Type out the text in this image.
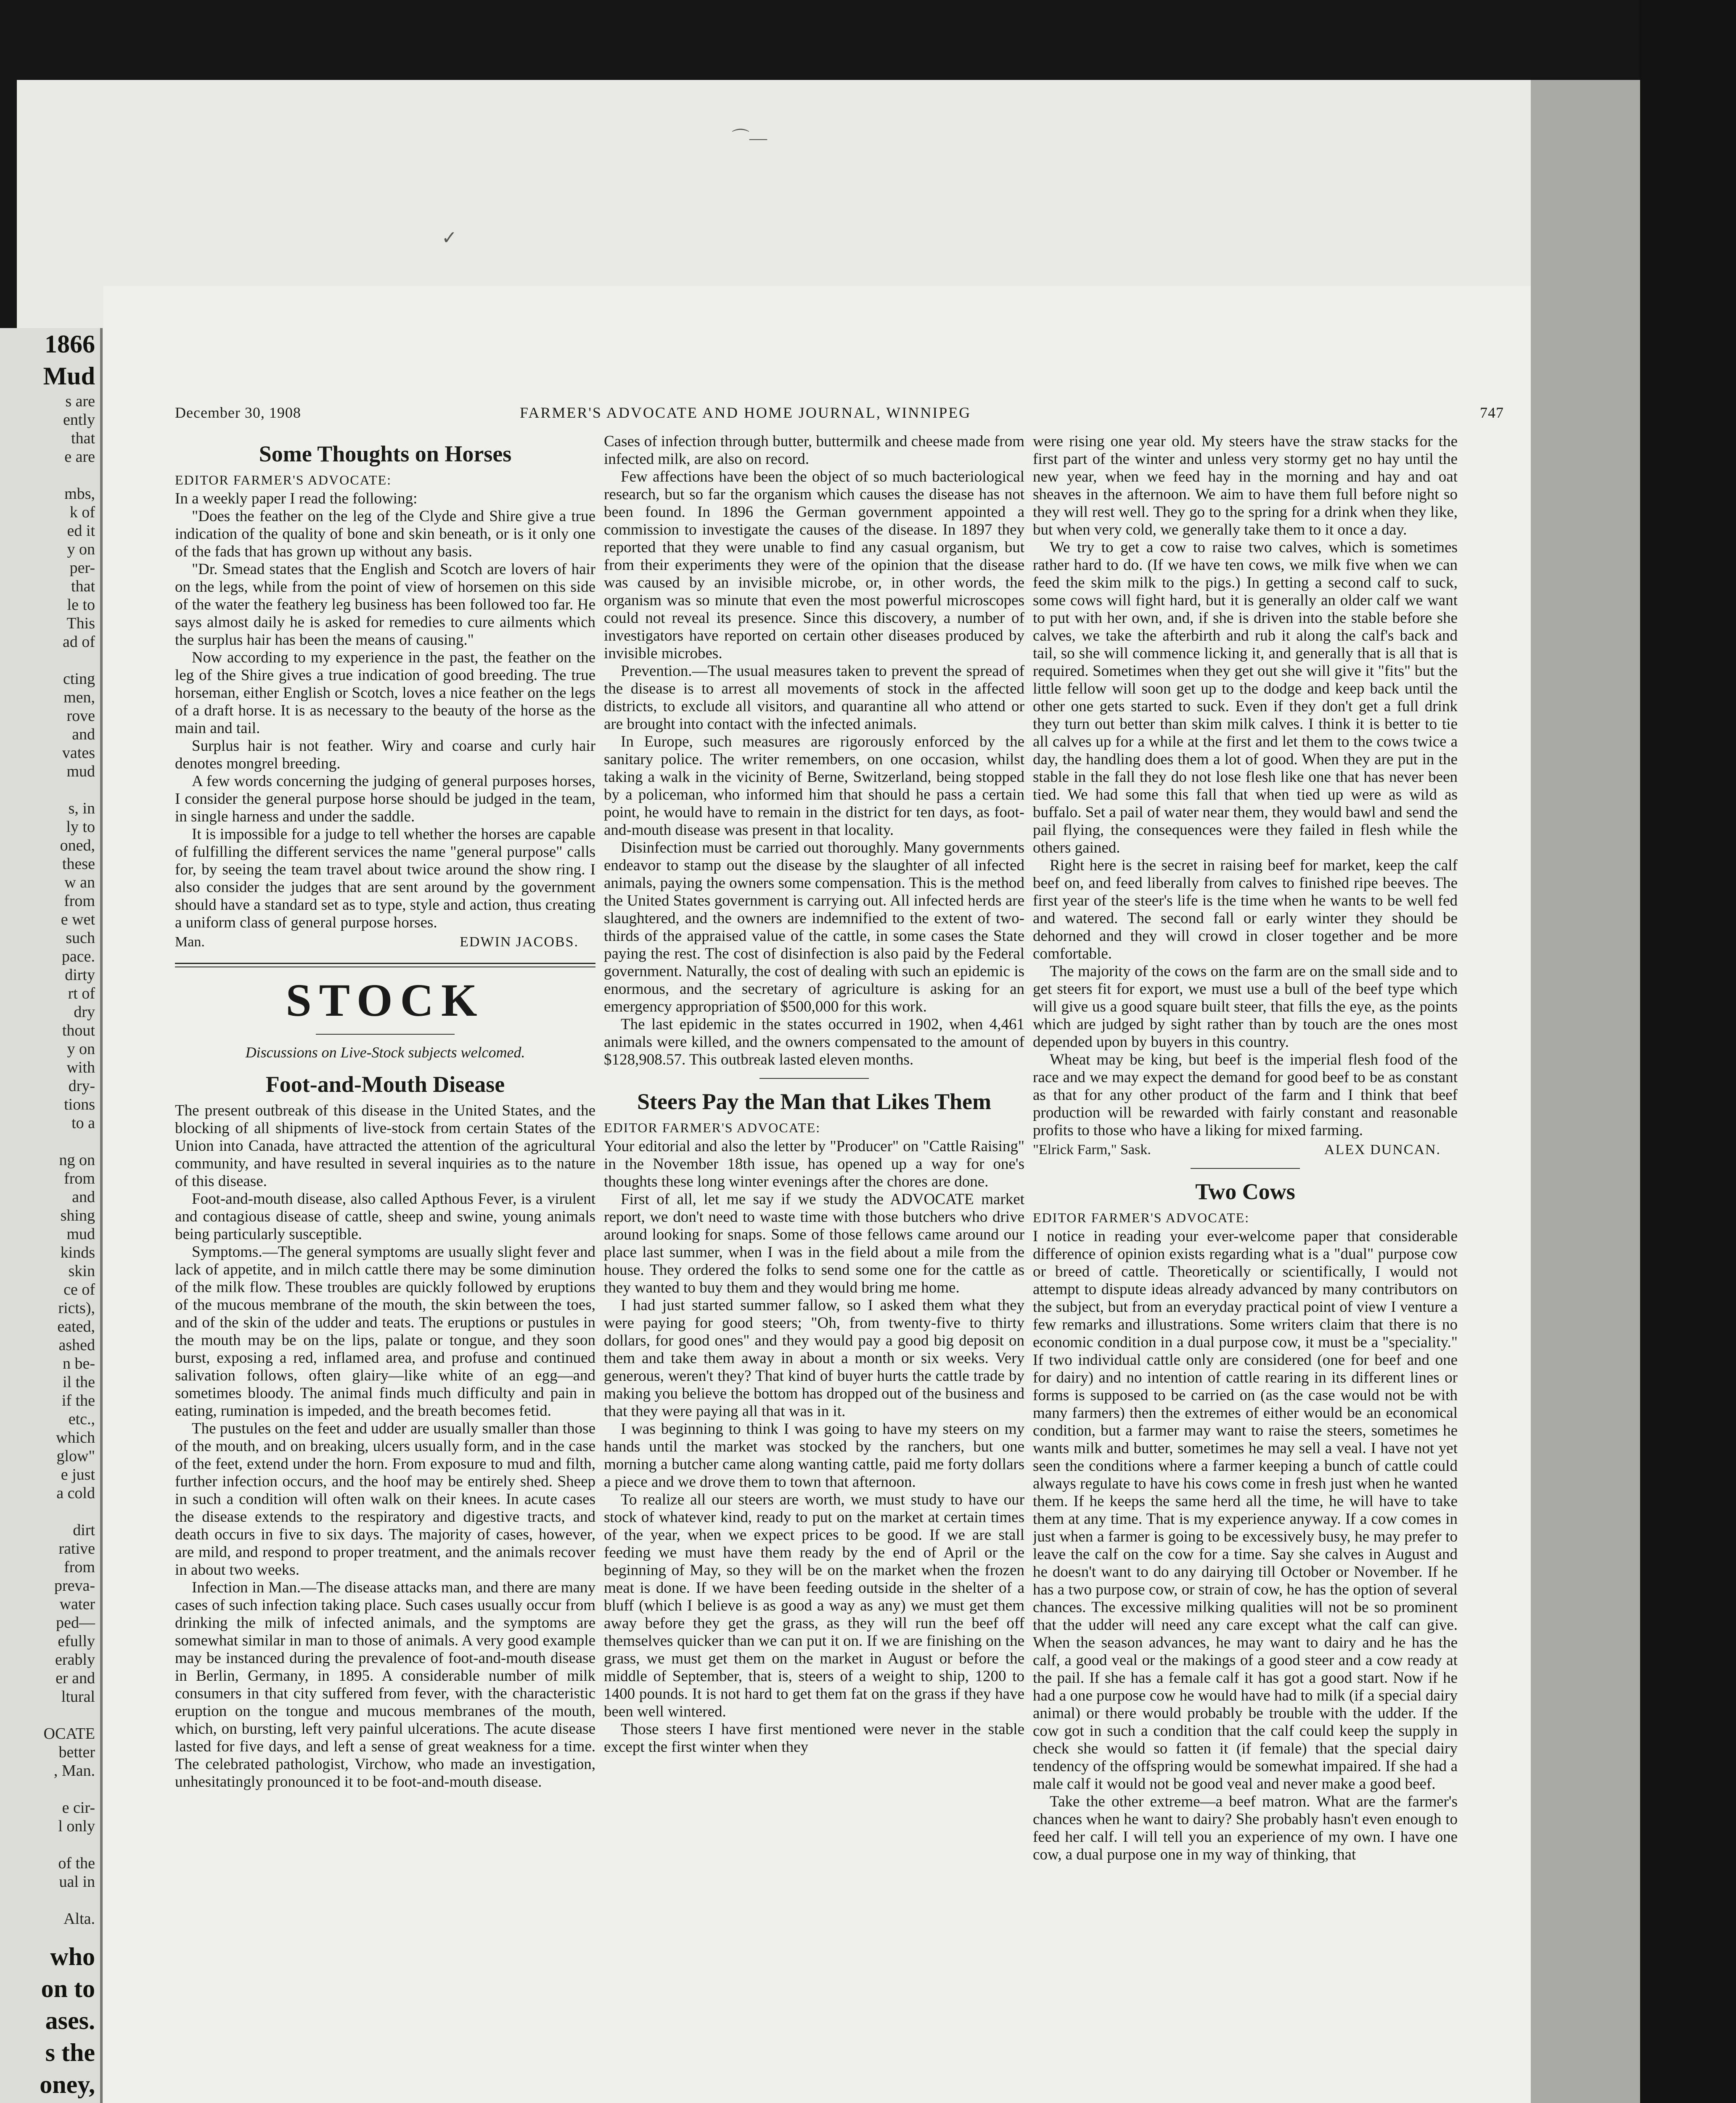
⌒—
✓
1866
Mud
s are
ently
that
e are

mbs,
k of
ed it
y on
per-
that
le to
This
ad of

cting
men,
rove
and
vates
mud

s, in
ly to
oned,
these
w an
from
e wet
such
pace.
dirty
rt of
dry
thout
y on
with
dry-
tions
to a

ng on
from
and
shing
mud
kinds
skin
ce of
ricts),
eated,
ashed
n be-
il the
if the
etc.,
which
glow"
e just
a cold

dirt
rative
from
preva-
water
ped—
efully
erably
er and
ltural

OCATE
better
, Man.

e cir-
l only

of the
ual in

Alta.
who
on to
ases.
s the
oney,
December 30, 1908	FARMER'S ADVOCATE AND HOME JOURNAL, WINNIPEG	747
Some Thoughts on Horses

EDITOR FARMER'S ADVOCATE:

In a weekly paper I read the following:

"Does the feather on the leg of the Clyde and Shire give a true indication of the quality of bone and skin beneath, or is it only one of the fads that has grown up without any basis.

"Dr. Smead states that the English and Scotch are lovers of hair on the legs, while from the point of view of horsemen on this side of the water the feathery leg business has been followed too far. He says almost daily he is asked for remedies to cure ailments which the surplus hair has been the means of causing."

Now according to my experience in the past, the feather on the leg of the Shire gives a true indication of good breeding. The true horseman, either English or Scotch, loves a nice feather on the legs of a draft horse. It is as necessary to the beauty of the horse as the main and tail.

Surplus hair is not feather. Wiry and coarse and curly hair denotes mongrel breeding.

A few words concerning the judging of general purposes horses, I consider the general purpose horse should be judged in the team, in single harness and under the saddle.

It is impossible for a judge to tell whether the horses are capable of fulfilling the different services the name "general purpose" calls for, by seeing the team travel about twice around the show ring. I also consider the judges that are sent around by the government should have a standard set as to type, style and action, thus creating a uniform class of general purpose horses.

Man.	EDWIN JACOBS.
STOCK

Discussions on Live-Stock subjects welcomed.

Foot-and-Mouth Disease

The present outbreak of this disease in the United States, and the blocking of all shipments of live-stock from certain States of the Union into Canada, have attracted the attention of the agricultural community, and have resulted in several inquiries as to the nature of this disease.

Foot-and-mouth disease, also called Apthous Fever, is a virulent and contagious disease of cattle, sheep and swine, young animals being particularly susceptible.

Symptoms.—The general symptoms are usually slight fever and lack of appetite, and in milch cattle there may be some diminution of the milk flow. These troubles are quickly followed by eruptions of the mucous membrane of the mouth, the skin between the toes, and of the skin of the udder and teats. The eruptions or pustules in the mouth may be on the lips, palate or tongue, and they soon burst, exposing a red, inflamed area, and profuse and continued salivation follows, often glairy—like white of an egg—and sometimes bloody. The animal finds much difficulty and pain in eating, rumination is impeded, and the breath becomes fetid.

The pustules on the feet and udder are usually smaller than those of the mouth, and on breaking, ulcers usually form, and in the case of the feet, extend under the horn. From exposure to mud and filth, further infection occurs, and the hoof may be entirely shed. Sheep in such a condition will often walk on their knees. In acute cases the disease extends to the respiratory and digestive tracts, and death occurs in five to six days. The majority of cases, however, are mild, and respond to proper treatment, and the animals recover in about two weeks.

Infection in Man.—The disease attacks man, and there are many cases of such infection taking place. Such cases usually occur from drinking the milk of infected animals, and the symptoms are somewhat similar in man to those of animals. A very good example may be instanced during the prevalence of foot-and-mouth disease in Berlin, Germany, in 1895. A considerable number of milk consumers in that city suffered from fever, with the characteristic eruption on the tongue and mucous membranes of the mouth, which, on bursting, left very painful ulcerations. The acute disease lasted for five days, and left a sense of great weakness for a time. The celebrated pathologist, Virchow, who made an investigation, unhesitatingly pronounced it to be foot-and-mouth disease.

Cases of infection through butter, buttermilk and cheese made from infected milk, are also on record.

Few affections have been the object of so much bacteriological research, but so far the organism which causes the disease has not been found. In 1896 the German government appointed a commission to investigate the causes of the disease. In 1897 they reported that they were unable to find any casual organism, but from their experiments they were of the opinion that the disease was caused by an invisible microbe, or, in other words, the organism was so minute that even the most powerful microscopes could not reveal its presence. Since this discovery, a number of investigators have reported on certain other diseases produced by invisible microbes.

Prevention.—The usual measures taken to prevent the spread of the disease is to arrest all movements of stock in the affected districts, to exclude all visitors, and quarantine all who attend or are brought into contact with the infected animals.

In Europe, such measures are rigorously enforced by the sanitary police. The writer remembers, on one occasion, whilst taking a walk in the vicinity of Berne, Switzerland, being stopped by a policeman, who informed him that should he pass a certain point, he would have to remain in the district for ten days, as foot-and-mouth disease was present in that locality.

Disinfection must be carried out thoroughly. Many governments endeavor to stamp out the disease by the slaughter of all infected animals, paying the owners some compensation. This is the method the United States government is carrying out. All infected herds are slaughtered, and the owners are indemnified to the extent of two-thirds of the appraised value of the cattle, in some cases the State paying the rest. The cost of disinfection is also paid by the Federal government. Naturally, the cost of dealing with such an epidemic is enormous, and the secretary of agriculture is asking for an emergency appropriation of $500,000 for this work.

The last epidemic in the states occurred in 1902, when 4,461 animals were killed, and the owners compensated to the amount of $128,908.57. This outbreak lasted eleven months.

Steers Pay the Man that Likes Them

EDITOR FARMER'S ADVOCATE:

Your editorial and also the letter by "Producer" on "Cattle Raising" in the November 18th issue, has opened up a way for one's thoughts these long winter evenings after the chores are done.

First of all, let me say if we study the ADVOCATE market report, we don't need to waste time with those butchers who drive around looking for snaps. Some of those fellows came around our place last summer, when I was in the field about a mile from the house. They ordered the folks to send some one for the cattle as they wanted to buy them and they would bring me home.

I had just started summer fallow, so I asked them what they were paying for good steers; "Oh, from twenty-five to thirty dollars, for good ones" and they would pay a good big deposit on them and take them away in about a month or six weeks. Very generous, weren't they? That kind of buyer hurts the cattle trade by making you believe the bottom has dropped out of the business and that they were paying all that was in it.

I was beginning to think I was going to have my steers on my hands until the market was stocked by the ranchers, but one morning a butcher came along wanting cattle, paid me forty dollars a piece and we drove them to town that afternoon.

To realize all our steers are worth, we must study to have our stock of whatever kind, ready to put on the market at certain times of the year, when we expect prices to be good. If we are stall feeding we must have them ready by the end of April or the beginning of May, so they will be on the market when the frozen meat is done. If we have been feeding outside in the shelter of a bluff (which I believe is as good a way as any) we must get them away before they get the grass, as they will run the beef off themselves quicker than we can put it on. If we are finishing on the grass, we must get them on the market in August or before the middle of September, that is, steers of a weight to ship, 1200 to 1400 pounds. It is not hard to get them fat on the grass if they have been well wintered.

Those steers I have first mentioned were never in the stable except the first winter when they

were rising one year old. My steers have the straw stacks for the first part of the winter and unless very stormy get no hay until the new year, when we feed hay in the morning and hay and oat sheaves in the afternoon. We aim to have them full before night so they will rest well. They go to the spring for a drink when they like, but when very cold, we generally take them to it once a day.

We try to get a cow to raise two calves, which is sometimes rather hard to do. (If we have ten cows, we milk five when we can feed the skim milk to the pigs.) In getting a second calf to suck, some cows will fight hard, but it is generally an older calf we want to put with her own, and, if she is driven into the stable before she calves, we take the afterbirth and rub it along the calf's back and tail, so she will commence licking it, and generally that is all that is required. Sometimes when they get out she will give it "fits" but the little fellow will soon get up to the dodge and keep back until the other one gets started to suck. Even if they don't get a full drink they turn out better than skim milk calves. I think it is better to tie all calves up for a while at the first and let them to the cows twice a day, the handling does them a lot of good. When they are put in the stable in the fall they do not lose flesh like one that has never been tied. We had some this fall that when tied up were as wild as buffalo. Set a pail of water near them, they would bawl and send the pail flying, the consequences were they failed in flesh while the others gained.

Right here is the secret in raising beef for market, keep the calf beef on, and feed liberally from calves to finished ripe beeves. The first year of the steer's life is the time when he wants to be well fed and watered. The second fall or early winter they should be dehorned and they will crowd in closer together and be more comfortable.

The majority of the cows on the farm are on the small side and to get steers fit for export, we must use a bull of the beef type which will give us a good square built steer, that fills the eye, as the points which are judged by sight rather than by touch are the ones most depended upon by buyers in this country.

Wheat may be king, but beef is the imperial flesh food of the race and we may expect the demand for good beef to be as constant as that for any other product of the farm and I think that beef production will be rewarded with fairly constant and reasonable profits to those who have a liking for mixed farming.

"Elrick Farm," Sask.	ALEX DUNCAN.
Two Cows

EDITOR FARMER'S ADVOCATE:

I notice in reading your ever-welcome paper that considerable difference of opinion exists regarding what is a "dual" purpose cow or breed of cattle. Theoretically or scientifically, I would not attempt to dispute ideas already advanced by many contributors on the subject, but from an everyday practical point of view I venture a few remarks and illustrations. Some writers claim that there is no economic condition in a dual purpose cow, it must be a "speciality." If two individual cattle only are considered (one for beef and one for dairy) and no intention of cattle rearing in its different lines or forms is supposed to be carried on (as the case would not be with many farmers) then the extremes of either would be an economical condition, but a farmer may want to raise the steers, sometimes he wants milk and butter, sometimes he may sell a veal. I have not yet seen the conditions where a farmer keeping a bunch of cattle could always regulate to have his cows come in fresh just when he wanted them. If he keeps the same herd all the time, he will have to take them at any time. That is my experience anyway. If a cow comes in just when a farmer is going to be excessively busy, he may prefer to leave the calf on the cow for a time. Say she calves in August and he doesn't want to do any dairying till October or November. If he has a two purpose cow, or strain of cow, he has the option of several chances. The excessive milking qualities will not be so prominent that the udder will need any care except what the calf can give. When the season advances, he may want to dairy and he has the calf, a good veal or the makings of a good steer and a cow ready at the pail. If she has a female calf it has got a good start. Now if he had a one purpose cow he would have had to milk (if a special dairy animal) or there would probably be trouble with the udder. If the cow got in such a condition that the calf could keep the supply in check she would so fatten it (if female) that the special dairy tendency of the offspring would be somewhat impaired. If she had a male calf it would not be good veal and never make a good beef.

Take the other extreme—a beef matron. What are the farmer's chances when he want to dairy? She probably hasn't even enough to feed her calf. I will tell you an experience of my own. I have one cow, a dual purpose one in my way of thinking, that
